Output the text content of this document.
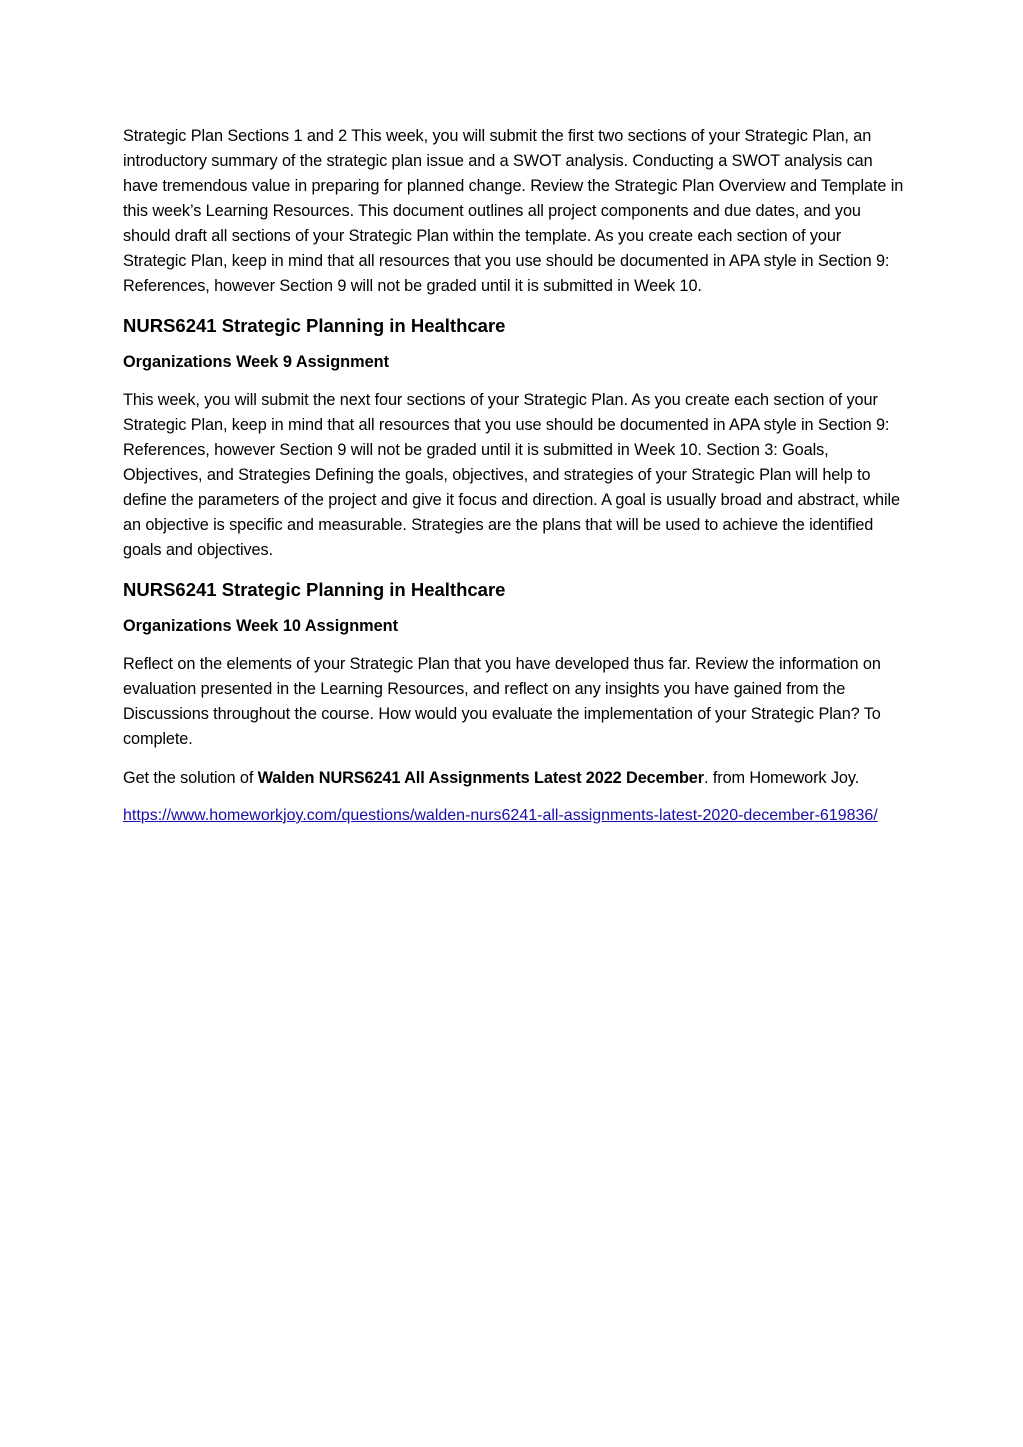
Strategic Plan Sections 1 and 2 This week, you will submit the first two sections of your Strategic Plan, an introductory summary of the strategic plan issue and a SWOT analysis. Conducting a SWOT analysis can have tremendous value in preparing for planned change. Review the Strategic Plan Overview and Template in this week’s Learning Resources. This document outlines all project components and due dates, and you should draft all sections of your Strategic Plan within the template. As you create each section of your Strategic Plan, keep in mind that all resources that you use should be documented in APA style in Section 9: References, however Section 9 will not be graded until it is submitted in Week 10.

NURS6241 Strategic Planning in Healthcare
Organizations Week 9 Assignment

This week, you will submit the next four sections of your Strategic Plan. As you create each section of your Strategic Plan, keep in mind that all resources that you use should be documented in APA style in Section 9: References, however Section 9 will not be graded until it is submitted in Week 10. Section 3: Goals, Objectives, and Strategies Defining the goals, objectives, and strategies of your Strategic Plan will help to define the parameters of the project and give it focus and direction. A goal is usually broad and abstract, while an objective is specific and measurable. Strategies are the plans that will be used to achieve the identified goals and objectives.

NURS6241 Strategic Planning in Healthcare
Organizations Week 10 Assignment

Reflect on the elements of your Strategic Plan that you have developed thus far. Review the information on evaluation presented in the Learning Resources, and reflect on any insights you have gained from the Discussions throughout the course. How would you evaluate the implementation of your Strategic Plan? To complete.

Get the solution of Walden NURS6241 All Assignments Latest 2022 December. from Homework Joy.

https://www.homeworkjoy.com/questions/walden-nurs6241-all-assignments-latest-2020-december-619836/
